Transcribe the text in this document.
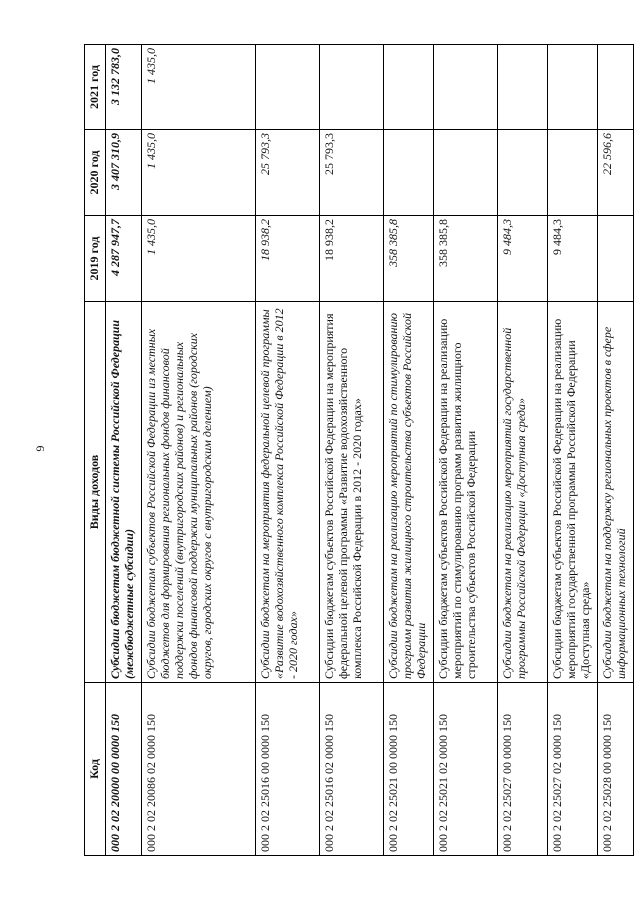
6
Код	Виды доходов	2019 год	2020 год	2021 год
000 2 02 20000 00 0000 150	Субсидии бюджетам бюджетной системы Российской Федерации (межбюджетные субсидии)	4 287 947,7	3 407 310,9	3 132 783,0
000 2 02 20086 02 0000 150	Субсидии бюджетам субъектов Российской Федерации из местных бюджетов для формирования региональных фондов финансовой поддержки поселений (внутригородских районов) и региональных фондов финансовой поддержки муниципальных районов (городских округов, городских округов с внутригородским делением)	1 435,0	1 435,0	1 435,0
000 2 02 25016 00 0000 150	Субсидии бюджетам на мероприятия федеральной целевой программы «Развитие водохозяйственного комплекса Российской Федерации в 2012 - 2020 годах»	18 938,2	25 793,3	
000 2 02 25016 02 0000 150	Субсидии бюджетам субъектов Российской Федерации на мероприятия федеральной целевой программы «Развитие водохозяйственного комплекса Российской Федерации в 2012 - 2020 годах»	18 938,2	25 793,3	
000 2 02 25021 00 0000 150	Субсидии бюджетам на реализацию мероприятий по стимулированию программ развития жилищного строительства субъектов Российской Федерации	358 385,8		
000 2 02 25021 02 0000 150	Субсидии бюджетам субъектов Российской Федерации на реализацию мероприятий по стимулированию программ развития жилищного строительства субъектов Российской Федерации	358 385,8		
000 2 02 25027 00 0000 150	Субсидии бюджетам на реализацию мероприятий государственной программы Российской Федерации «Доступная среда»	9 484,3		
000 2 02 25027 02 0000 150	Субсидии бюджетам субъектов Российской Федерации на реализацию мероприятий государственной программы Российской Федерации «Доступная среда»	9 484,3		
000 2 02 25028 00 0000 150	Субсидии бюджетам на поддержку региональных проектов в сфере информационных технологий		22 596,6	
